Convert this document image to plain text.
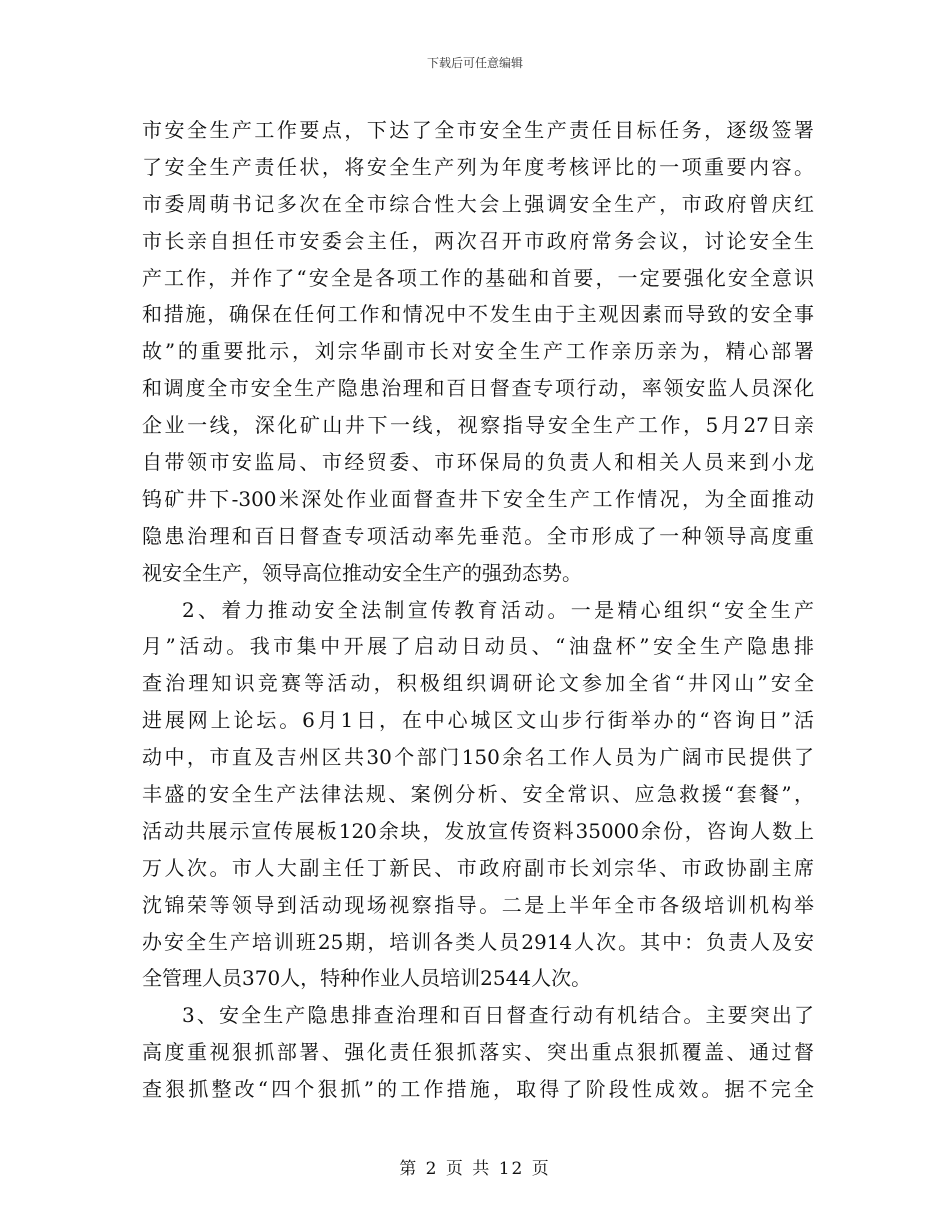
下载后可任意编辑
市安全生产工作要点，下达了全市安全生产责任目标任务，逐级签署
了安全生产责任状，将安全生产列为年度考核评比的一项重要内容。
市委周萌书记多次在全市综合性大会上强调安全生产，市政府曾庆红
市长亲自担任市安委会主任，两次召开市政府常务会议，讨论安全生
产工作，并作了“安全是各项工作的基础和首要，一定要强化安全意识
和措施，确保在任何工作和情况中不发生由于主观因素而导致的安全事
故”的重要批示，刘宗华副市长对安全生产工作亲历亲为，精心部署
和调度全市安全生产隐患治理和百日督查专项行动，率领安监人员深化
企业一线，深化矿山井下一线，视察指导安全生产工作，5月27日亲
自带领市安监局、市经贸委、市环保局的负责人和相关人员来到小龙
钨矿井下-300米深处作业面督查井下安全生产工作情况，为全面推动
隐患治理和百日督查专项活动率先垂范。全市形成了一种领导高度重
视安全生产，领导高位推动安全生产的强劲态势。
2、着力推动安全法制宣传教育活动。一是精心组织“安全生产
月”活动。我市集中开展了启动日动员、“油盘杯”安全生产隐患排
查治理知识竞赛等活动，积极组织调研论文参加全省“井冈山”安全
进展网上论坛。6月1日，在中心城区文山步行街举办的“咨询日”活
动中，市直及吉州区共30个部门150余名工作人员为广阔市民提供了
丰盛的安全生产法律法规、案例分析、安全常识、应急救援“套餐”，
活动共展示宣传展板120余块，发放宣传资料35000余份，咨询人数上
万人次。市人大副主任丁新民、市政府副市长刘宗华、市政协副主席
沈锦荣等领导到活动现场视察指导。二是上半年全市各级培训机构举
办安全生产培训班25期，培训各类人员2914人次。其中：负责人及安
全管理人员370人，特种作业人员培训2544人次。
3、安全生产隐患排查治理和百日督查行动有机结合。主要突出了
高度重视狠抓部署、强化责任狠抓落实、突出重点狠抓覆盖、通过督
查狠抓整改“四个狠抓”的工作措施，取得了阶段性成效。据不完全
第 2 页 共 12 页
